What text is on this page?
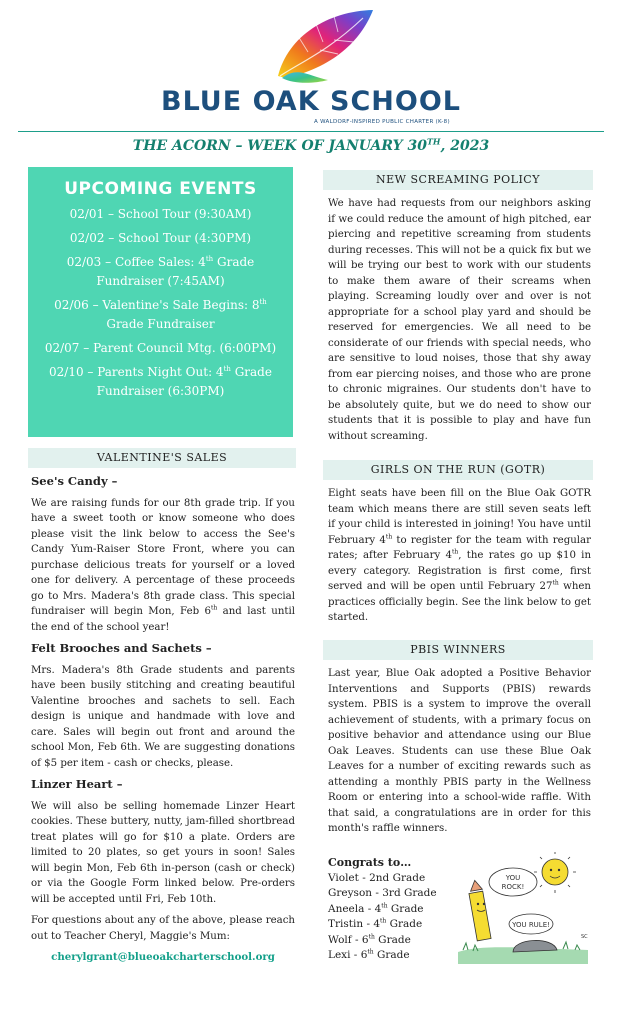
BLUE OAK SCHOOL
A WALDORF-INSPIRED PUBLIC CHARTER (K-8)
THE ACORN – WEEK OF JANUARY 30TH, 2023
UPCOMING EVENTS
02/01 – School Tour (9:30AM)
02/02 – School Tour (4:30PM)
02/03 – Coffee Sales: 4th Grade Fundraiser (7:45AM)
02/06 – Valentine's Sale Begins: 8th Grade Fundraiser
02/07 – Parent Council Mtg. (6:00PM)
02/10 – Parents Night Out: 4th Grade Fundraiser (6:30PM)
VALENTINE'S SALES
See's Candy –

We are raising funds for our 8th grade trip. If you have a sweet tooth or know someone who does please visit the link below to access the See's Candy Yum-Raiser Store Front, where you can purchase delicious treats for yourself or a loved one for delivery. A percentage of these proceeds go to Mrs. Madera's 8th grade class. This special fundraiser will begin Mon, Feb 6th and last until the end of the school year!

Felt Brooches and Sachets –

Mrs. Madera's 8th Grade students and parents have been busily stitching and creating beautiful Valentine brooches and sachets to sell. Each design is unique and handmade with love and care. Sales will begin out front and around the school Mon, Feb 6th. We are suggesting donations of $5 per item - cash or checks, please.

Linzer Heart –

We will also be selling homemade Linzer Heart cookies. These buttery, nutty, jam-filled shortbread treat plates will go for $10 a plate. Orders are limited to 20 plates, so get yours in soon! Sales will begin Mon, Feb 6th in-person (cash or check) or via the Google Form linked below. Pre-orders will be accepted until Fri, Feb 10th.

For questions about any of the above, please reach out to Teacher Cheryl, Maggie's Mum:

cherylgrant@blueoakcharterschool.org
NEW SCREAMING POLICY
We have had requests from our neighbors asking if we could reduce the amount of high pitched, ear piercing and repetitive screaming from students during recesses. This will not be a quick fix but we will be trying our best to work with our students to make them aware of their screams when playing. Screaming loudly over and over is not appropriate for a school play yard and should be reserved for emergencies. We all need to be considerate of our friends with special needs, who are sensitive to loud noises, those that shy away from ear piercing noises, and those who are prone to chronic migraines. Our students don't have to be absolutely quite, but we do need to show our students that it is possible to play and have fun without screaming.
GIRLS ON THE RUN (GOTR)
Eight seats have been fill on the Blue Oak GOTR team which means there are still seven seats left if your child is interested in joining! You have until February 4th to register for the team with regular rates; after February 4th, the rates go up $10 in every category. Registration is first come, first served and will be open until February 27th when practices officially begin. See the link below to get started.
PBIS WINNERS
Last year, Blue Oak adopted a Positive Behavior Interventions and Supports (PBIS) rewards system. PBIS is a system to improve the overall achievement of students, with a primary focus on positive behavior and attendance using our Blue Oak Leaves. Students can use these Blue Oak Leaves for a number of exciting rewards such as attending a monthly PBIS party in the Wellness Room or entering into a school-wide raffle. With that said, a congratulations are in order for this month's raffle winners.
Congrats to…
Violet - 2nd Grade
Greyson - 3rd Grade
Aneela - 4th Grade
Tristin - 4th Grade
Wolf - 6th Grade
Lexi - 6th Grade
YOU
ROCK!
YOU RULE!
SC
